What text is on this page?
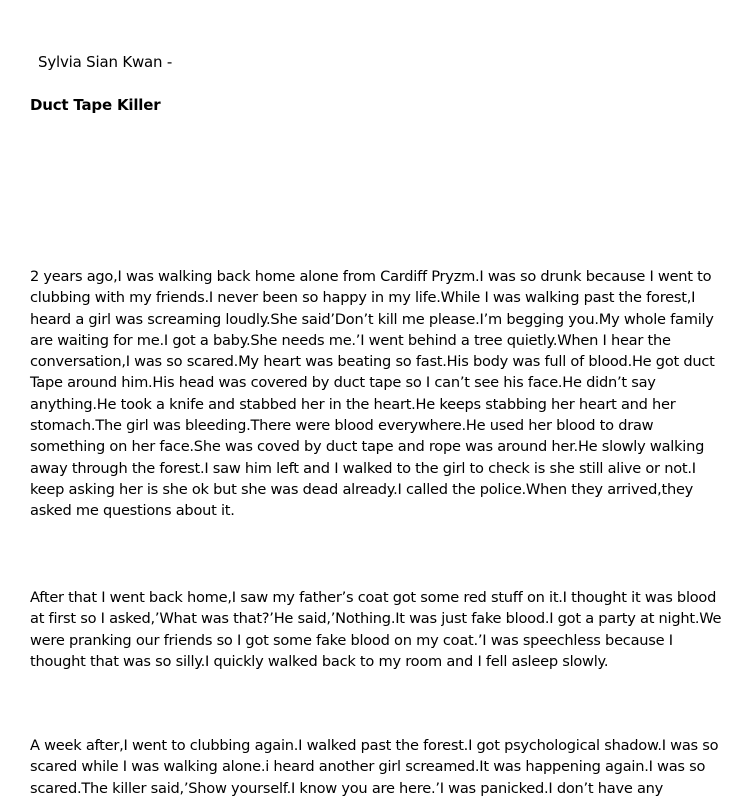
Sylvia Sian Kwan -
Duct Tape Killer
2 years ago,I was walking back home alone from Cardiff Pryzm.I was so drunk because I went to
clubbing with my friends.I never been so happy in my life.While I was walking past the forest,I
heard a girl was screaming loudly.She said’Don’t kill me please.I’m begging you.My whole family
are waiting for me.I got a baby.She needs me.’I went behind a tree quietly.When I hear the
conversation,I was so scared.My heart was beating so fast.His body was full of blood.He got duct
Tape around him.His head was covered by duct tape so I can’t see his face.He didn’t say
anything.He took a knife and stabbed her in the heart.He keeps stabbing her heart and her
stomach.The girl was bleeding.There were blood everywhere.He used her blood to draw
something on her face.She was coved by duct tape and rope was around her.He slowly walking
away through the forest.I saw him left and I walked to the girl to check is she still alive or not.I
keep asking her is she ok but she was dead already.I called the police.When they arrived,they
asked me questions about it.
After that I went back home,I saw my father’s coat got some red stuff on it.I thought it was blood
at first so I asked,’What was that?’He said,’Nothing.It was just fake blood.I got a party at night.We
were pranking our friends so I got some fake blood on my coat.’I was speechless because I
thought that was so silly.I quickly walked back to my room and I fell asleep slowly.
A week after,I went to clubbing again.I walked past the forest.I got psychological shadow.I was so
scared while I was walking alone.i heard another girl screamed.It was happening again.I was so
scared.The killer said,’Show yourself.I know you are here.’I was panicked.I don’t have any
